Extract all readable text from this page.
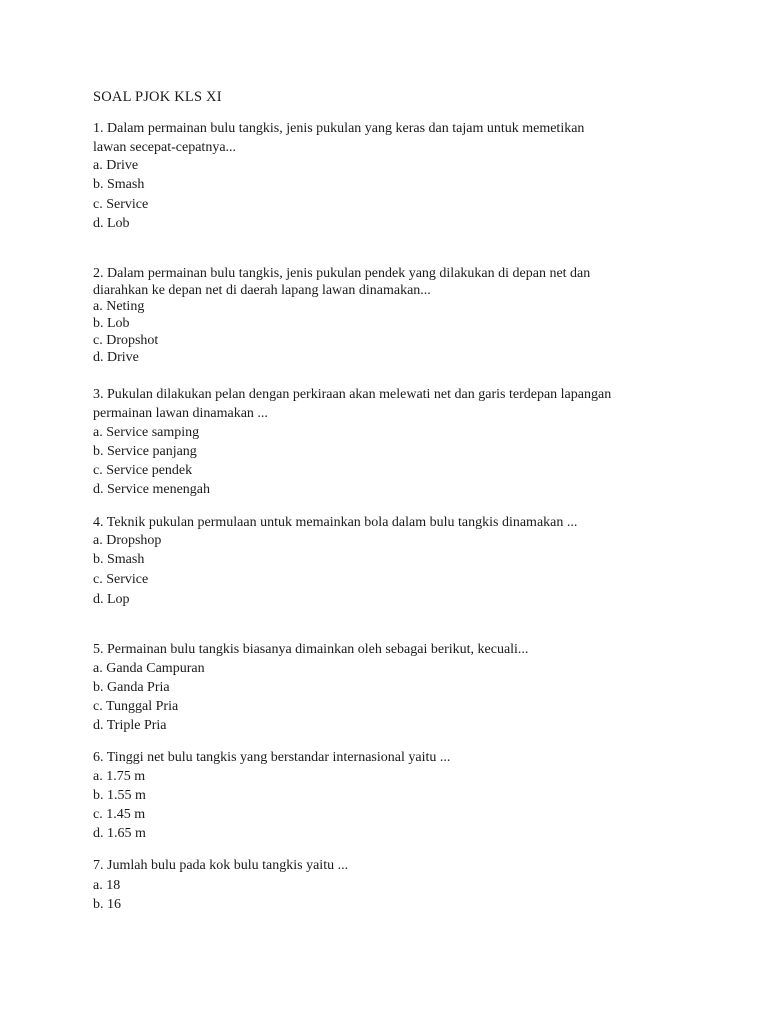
SOAL PJOK KLS XI
1. Dalam permainan bulu tangkis, jenis pukulan yang keras dan tajam untuk memetikan
lawan secepat-cepatnya...
a. Drive
b. Smash
c. Service
d. Lob
2. Dalam permainan bulu tangkis, jenis pukulan pendek yang dilakukan di depan net dan
diarahkan ke depan net di daerah lapang lawan dinamakan...
a. Neting
b. Lob
c. Dropshot
d. Drive
3. Pukulan dilakukan pelan dengan perkiraan akan melewati net dan garis terdepan lapangan
permainan lawan dinamakan ...
a. Service samping
b. Service panjang
c. Service pendek
d. Service menengah
4. Teknik pukulan permulaan untuk memainkan bola dalam bulu tangkis dinamakan ...
a. Dropshop
b. Smash
c. Service
d. Lop
5. Permainan bulu tangkis biasanya dimainkan oleh sebagai berikut, kecuali...
a. Ganda Campuran
b. Ganda Pria
c. Tunggal Pria
d. Triple Pria
6. Tinggi net bulu tangkis yang berstandar internasional yaitu ...
a. 1.75 m
b. 1.55 m
c. 1.45 m
d. 1.65 m
7. Jumlah bulu pada kok bulu tangkis yaitu ...
a. 18
b. 16
